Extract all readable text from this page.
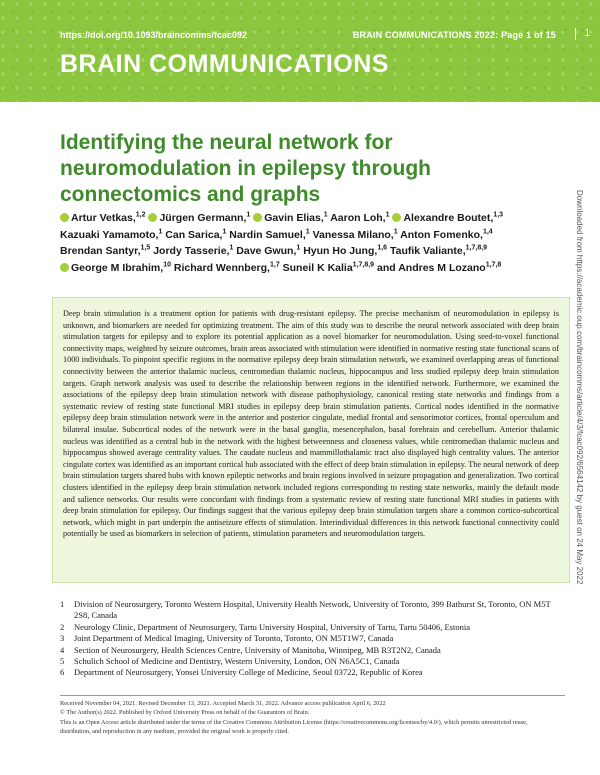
https://doi.org/10.1093/braincomms/fcac092	BRAIN COMMUNICATIONS 2022: Page 1 of 15	1
BRAIN COMMUNICATIONS
Identifying the neural network for neuromodulation in epilepsy through connectomics and graphs
Artur Vetkas,$^{1,2}$ Jürgen Germann,$^1$ Gavin Elias,$^1$ Aaron Loh,$^1$ Alexandre Boutet,$^{1,3}$ Kazuaki Yamamoto,$^1$ Can Sarica,$^1$ Nardin Samuel,$^1$ Vanessa Milano,$^1$ Anton Fomenko,$^{1,4}$ Brendan Santyr,$^{1,5}$ Jordy Tasserie,$^1$ Dave Gwun,$^1$ Hyun Ho Jung,$^{1,6}$ Taufik Valiante,$^{1,7,8,9}$ George M Ibrahim,$^{10}$ Richard Wennberg,$^{1,7}$ Suneil K Kalia$^{1,7,8,9}$ and Andres M Lozano$^{1,7,8}$	Downloaded from https://academic.oup.com/braincomms/article/4/3/fcac092/6564142 by guest on 24 May 2022

Deep brain stimulation is a treatment option for patients with drug-resistant epilepsy. The precise mechanism of neuromodulation in epilepsy is unknown, and biomarkers are needed for optimizing treatment. The aim of this study was to describe the neural network associated with deep brain stimulation targets for epilepsy and to explore its potential application as a novel biomarker for neuromodulation. Using seed-to-voxel functional connectivity maps, weighted by seizure outcomes, brain areas associated with stimulation were identified in normative resting state functional scans of 1000 individuals. To pinpoint specific regions in the normative epilepsy deep brain stimulation network, we examined overlapping areas of functional connectivity between the anterior thalamic nucleus, centromedian thalamic nucleus, hippocampus and less studied epilepsy deep brain stimulation targets. Graph network analysis was used to describe the relationship between regions in the identified network. Furthermore, we examined the associations of the epilepsy deep brain stimulation network with disease pathophysiology, canonical resting state networks and findings from a systematic review of resting state functional MRI studies in epilepsy deep brain stimulation patients. Cortical nodes identified in the normative epilepsy deep brain stimulation network were in the anterior and posterior cingulate, medial frontal and sensorimotor cortices, frontal operculum and bilateral insulae. Subcortical nodes of the network were in the basal ganglia, mesencephalon, basal forebrain and cerebellum. Anterior thalamic nucleus was identified as a central hub in the network with the highest betweenness and closeness values, while centromedian thalamic nucleus and hippocampus showed average centrality values. The caudate nucleus and mammillothalamic tract also displayed high centrality values. The anterior cingulate cortex was identified as an important cortical hub associated with the effect of deep brain stimulation in epilepsy. The neural network of deep brain stimulation targets shared hubs with known epileptic networks and brain regions involved in seizure propagation and generalization. Two cortical clusters identified in the epilepsy deep brain stimulation network included regions corresponding to resting state networks, mainly the default mode and salience networks. Our results were concordant with findings from a systematic review of resting state functional MRI studies in patients with deep brain stimulation for epilepsy. Our findings suggest that the various epilepsy deep brain stimulation targets share a common cortico-subcortical network, which might in part underpin the antiseizure effects of stimulation. Interindividual differences in this network functional connectivity could potentially be used as biomarkers in selection of patients, stimulation parameters and neuromodulation targets.

1	Division of Neurosurgery, Toronto Western Hospital, University Health Network, University of Toronto, 399 Bathurst St, Toronto, ON M5T 2S8, Canada
2	Neurology Clinic, Department of Neurosurgery, Tartu University Hospital, University of Tartu, Tartu 50406, Estonia
3	Joint Department of Medical Imaging, University of Toronto, Toronto, ON M5T1W7, Canada
4	Section of Neurosurgery, Health Sciences Centre, University of Manitoba, Winnipeg, MB R3T2N2, Canada
5	Schulich School of Medicine and Dentistry, Western University, London, ON N6A5C1, Canada
6	Department of Neurosurgery, Yonsei University College of Medicine, Seoul 03722, Republic of Korea
Received November 04, 2021. Revised December 13, 2021. Accepted March 31, 2022. Advance access publication April 6, 2022
© The Author(s) 2022. Published by Oxford University Press on behalf of the Guarantors of Brain.
This is an Open Access article distributed under the terms of the Creative Commons Attribution License (https://creativecommons.org/licenses/by/4.0/), which permits unrestricted reuse,
distribution, and reproduction in any medium, provided the original work is properly cited.
